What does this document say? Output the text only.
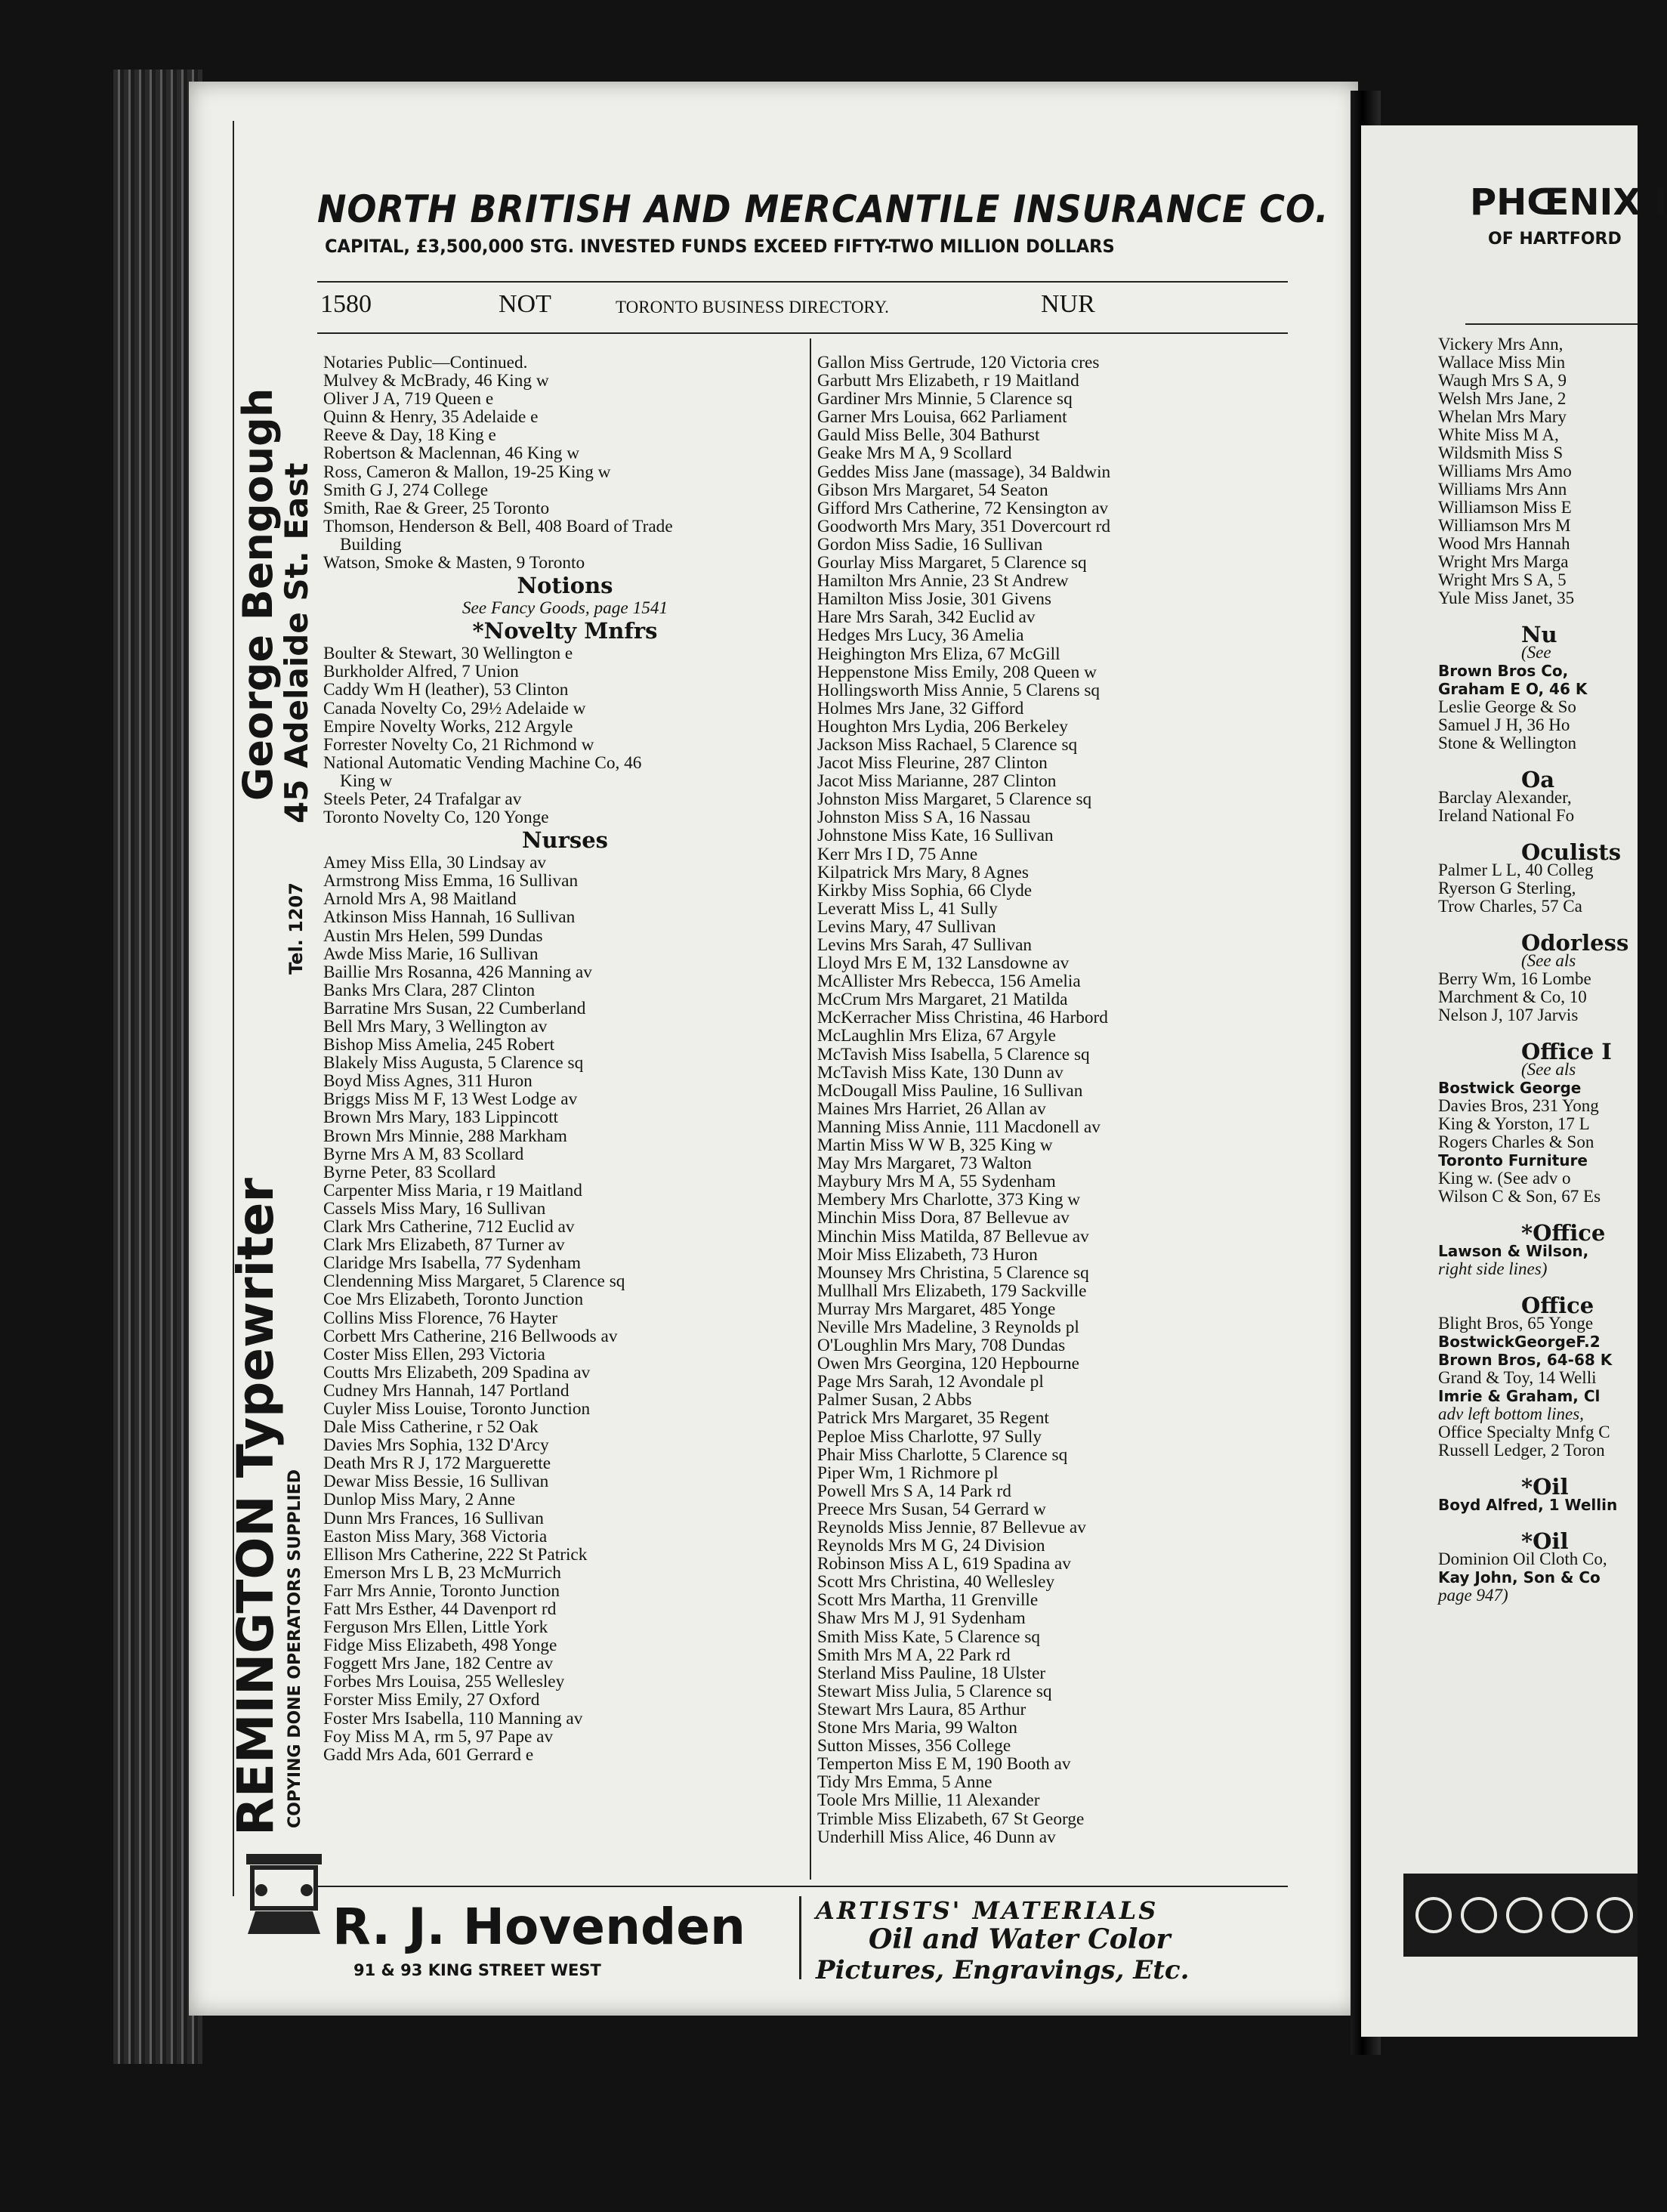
NORTH BRITISH AND MERCANTILE INSURANCE CO.
CAPITAL, £3,500,000 STG. INVESTED FUNDS EXCEED FIFTY-TWO MILLION DOLLARS
1580	NOT	TORONTO BUSINESS DIRECTORY.	NUR
Notaries Public—Continued.
Mulvey & McBrady, 46 King w
Oliver J A, 719 Queen e
Quinn & Henry, 35 Adelaide e
Reeve & Day, 18 King e
Robertson & Maclennan, 46 King w
Ross, Cameron & Mallon, 19-25 King w
Smith G J, 274 College
Smith, Rae & Greer, 25 Toronto
Thomson, Henderson & Bell, 408 Board of Trade
Building
Watson, Smoke & Masten, 9 Toronto
Notions
See Fancy Goods, page 1541
*Novelty Mnfrs
Boulter & Stewart, 30 Wellington e
Burkholder Alfred, 7 Union
Caddy Wm H (leather), 53 Clinton
Canada Novelty Co, 29½ Adelaide w
Empire Novelty Works, 212 Argyle
Forrester Novelty Co, 21 Richmond w
National Automatic Vending Machine Co, 46
King w
Steels Peter, 24 Trafalgar av
Toronto Novelty Co, 120 Yonge
Nurses
Amey Miss Ella, 30 Lindsay av
Armstrong Miss Emma, 16 Sullivan
Arnold Mrs A, 98 Maitland
Atkinson Miss Hannah, 16 Sullivan
Austin Mrs Helen, 599 Dundas
Awde Miss Marie, 16 Sullivan
Baillie Mrs Rosanna, 426 Manning av
Banks Mrs Clara, 287 Clinton
Barratine Mrs Susan, 22 Cumberland
Bell Mrs Mary, 3 Wellington av
Bishop Miss Amelia, 245 Robert
Blakely Miss Augusta, 5 Clarence sq
Boyd Miss Agnes, 311 Huron
Briggs Miss M F, 13 West Lodge av
Brown Mrs Mary, 183 Lippincott
Brown Mrs Minnie, 288 Markham
Byrne Mrs A M, 83 Scollard
Byrne Peter, 83 Scollard
Carpenter Miss Maria, r 19 Maitland
Cassels Miss Mary, 16 Sullivan
Clark Mrs Catherine, 712 Euclid av
Clark Mrs Elizabeth, 87 Turner av
Claridge Mrs Isabella, 77 Sydenham
Clendenning Miss Margaret, 5 Clarence sq
Coe Mrs Elizabeth, Toronto Junction
Collins Miss Florence, 76 Hayter
Corbett Mrs Catherine, 216 Bellwoods av
Coster Miss Ellen, 293 Victoria
Coutts Mrs Elizabeth, 209 Spadina av
Cudney Mrs Hannah, 147 Portland
Cuyler Miss Louise, Toronto Junction
Dale Miss Catherine, r 52 Oak
Davies Mrs Sophia, 132 D'Arcy
Death Mrs R J, 172 Marguerette
Dewar Miss Bessie, 16 Sullivan
Dunlop Miss Mary, 2 Anne
Dunn Mrs Frances, 16 Sullivan
Easton Miss Mary, 368 Victoria
Ellison Mrs Catherine, 222 St Patrick
Emerson Mrs L B, 23 McMurrich
Farr Mrs Annie, Toronto Junction
Fatt Mrs Esther, 44 Davenport rd
Ferguson Mrs Ellen, Little York
Fidge Miss Elizabeth, 498 Yonge
Foggett Mrs Jane, 182 Centre av
Forbes Mrs Louisa, 255 Wellesley
Forster Miss Emily, 27 Oxford
Foster Mrs Isabella, 110 Manning av
Foy Miss M A, rm 5, 97 Pape av
Gadd Mrs Ada, 601 Gerrard e
Gallon Miss Gertrude, 120 Victoria cres
Garbutt Mrs Elizabeth, r 19 Maitland
Gardiner Mrs Minnie, 5 Clarence sq
Garner Mrs Louisa, 662 Parliament
Gauld Miss Belle, 304 Bathurst
Geake Mrs M A, 9 Scollard
Geddes Miss Jane (massage), 34 Baldwin
Gibson Mrs Margaret, 54 Seaton
Gifford Mrs Catherine, 72 Kensington av
Goodworth Mrs Mary, 351 Dovercourt rd
Gordon Miss Sadie, 16 Sullivan
Gourlay Miss Margaret, 5 Clarence sq
Hamilton Mrs Annie, 23 St Andrew
Hamilton Miss Josie, 301 Givens
Hare Mrs Sarah, 342 Euclid av
Hedges Mrs Lucy, 36 Amelia
Heighington Mrs Eliza, 67 McGill
Heppenstone Miss Emily, 208 Queen w
Hollingsworth Miss Annie, 5 Clarens sq
Holmes Mrs Jane, 32 Gifford
Houghton Mrs Lydia, 206 Berkeley
Jackson Miss Rachael, 5 Clarence sq
Jacot Miss Fleurine, 287 Clinton
Jacot Miss Marianne, 287 Clinton
Johnston Miss Margaret, 5 Clarence sq
Johnston Miss S A, 16 Nassau
Johnstone Miss Kate, 16 Sullivan
Kerr Mrs I D, 75 Anne
Kilpatrick Mrs Mary, 8 Agnes
Kirkby Miss Sophia, 66 Clyde
Leveratt Miss L, 41 Sully
Levins Mary, 47 Sullivan
Levins Mrs Sarah, 47 Sullivan
Lloyd Mrs E M, 132 Lansdowne av
McAllister Mrs Rebecca, 156 Amelia
McCrum Mrs Margaret, 21 Matilda
McKerracher Miss Christina, 46 Harbord
McLaughlin Mrs Eliza, 67 Argyle
McTavish Miss Isabella, 5 Clarence sq
McTavish Miss Kate, 130 Dunn av
McDougall Miss Pauline, 16 Sullivan
Maines Mrs Harriet, 26 Allan av
Manning Miss Annie, 111 Macdonell av
Martin Miss W W B, 325 King w
May Mrs Margaret, 73 Walton
Maybury Mrs M A, 55 Sydenham
Membery Mrs Charlotte, 373 King w
Minchin Miss Dora, 87 Bellevue av
Minchin Miss Matilda, 87 Bellevue av
Moir Miss Elizabeth, 73 Huron
Mounsey Mrs Christina, 5 Clarence sq
Mullhall Mrs Elizabeth, 179 Sackville
Murray Mrs Margaret, 485 Yonge
Neville Mrs Madeline, 3 Reynolds pl
O'Loughlin Mrs Mary, 708 Dundas
Owen Mrs Georgina, 120 Hepbourne
Page Mrs Sarah, 12 Avondale pl
Palmer Susan, 2 Abbs
Patrick Mrs Margaret, 35 Regent
Peploe Miss Charlotte, 97 Sully
Phair Miss Charlotte, 5 Clarence sq
Piper Wm, 1 Richmore pl
Powell Mrs S A, 14 Park rd
Preece Mrs Susan, 54 Gerrard w
Reynolds Miss Jennie, 87 Bellevue av
Reynolds Mrs M G, 24 Division
Robinson Miss A L, 619 Spadina av
Scott Mrs Christina, 40 Wellesley
Scott Mrs Martha, 11 Grenville
Shaw Mrs M J, 91 Sydenham
Smith Miss Kate, 5 Clarence sq
Smith Mrs M A, 22 Park rd
Sterland Miss Pauline, 18 Ulster
Stewart Miss Julia, 5 Clarence sq
Stewart Mrs Laura, 85 Arthur
Stone Mrs Maria, 99 Walton
Sutton Misses, 356 College
Temperton Miss E M, 190 Booth av
Tidy Mrs Emma, 5 Anne
Toole Mrs Millie, 11 Alexander
Trimble Miss Elizabeth, 67 St George
Underhill Miss Alice, 46 Dunn av
REMINGTON Typewriter
COPYING DONE OPERATORS SUPPLIED
Tel. 1207
George Bengough
45 Adelaide St. East
R. J. Hovenden
91 & 93 KING STREET WEST
ARTISTS' MATERIALS
Oil and Water Color
Pictures, Engravings, Etc.
PHŒNIX I
OF HARTFORD
Vickery Mrs Ann,
Wallace Miss Min
Waugh Mrs S A, 9
Welsh Mrs Jane, 2
Whelan Mrs Mary
White Miss M A,
Wildsmith Miss S
Williams Mrs Amo
Williams Mrs Ann
Williamson Miss E
Williamson Mrs M
Wood Mrs Hannah
Wright Mrs Marga
Wright Mrs S A, 5
Yule Miss Janet, 35
Nu
(See
Brown Bros Co,
Graham E O, 46 K
Leslie George & So
Samuel J H, 36 Ho
Stone & Wellington
Oa
Barclay Alexander,
Ireland National Fo
Oculists
Palmer L L, 40 Colleg
Ryerson G Sterling,
Trow Charles, 57 Ca
Odorless
(See als
Berry Wm, 16 Lombe
Marchment & Co, 10
Nelson J, 107 Jarvis
Office I
(See als
Bostwick George
Davies Bros, 231 Yong
King & Yorston, 17 L
Rogers Charles & Son
Toronto Furniture
King w. (See adv o
Wilson C & Son, 67 Es
*Office
Lawson & Wilson,
right side lines)
Office
Blight Bros, 65 Yonge
BostwickGeorgeF.2
Brown Bros, 64-68 K
Grand & Toy, 14 Welli
Imrie & Graham, Cl
adv left bottom lines,
Office Specialty Mnfg C
Russell Ledger, 2 Toron
*Oil
Boyd Alfred, 1 Wellin
*Oil
Dominion Oil Cloth Co,
Kay John, Son & Co
page 947)
